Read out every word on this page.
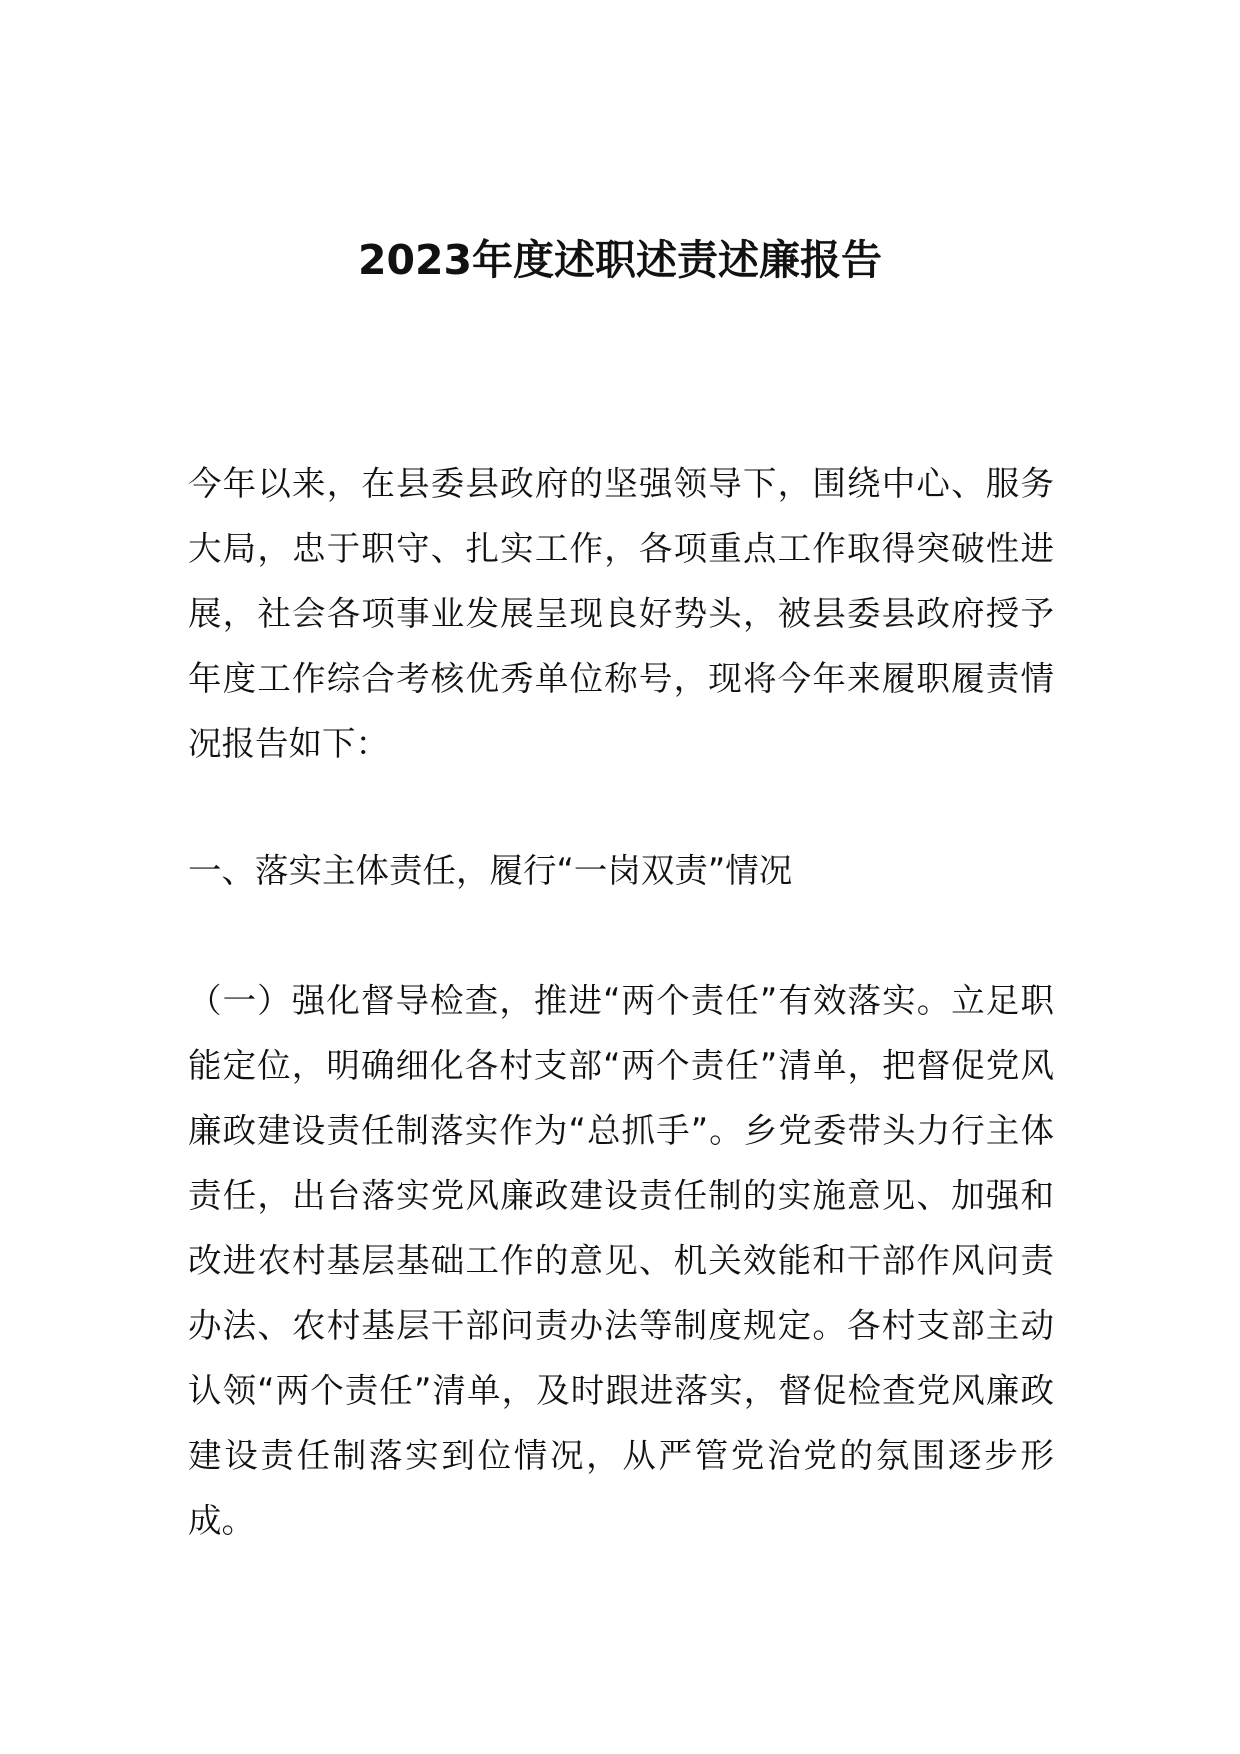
2023年度述职述责述廉报告

今年以来，在县委县政府的坚强领导下，围绕中心、服务大局，忠于职守、扎实工作，各项重点工作取得突破性进展，社会各项事业发展呈现良好势头，被县委县政府授予年度工作综合考核优秀单位称号，现将今年来履职履责情况报告如下：

一、落实主体责任，履行“一岗双责”情况

（一）强化督导检查，推进“两个责任”有效落实。立足职能定位，明确细化各村支部“两个责任”清单，把督促党风廉政建设责任制落实作为“总抓手”。乡党委带头力行主体责任，出台落实党风廉政建设责任制的实施意见、加强和改进农村基层基础工作的意见、机关效能和干部作风问责办法、农村基层干部问责办法等制度规定。各村支部主动认领“两个责任”清单，及时跟进落实，督促检查党风廉政建设责任制落实到位情况，从严管党治党的氛围逐步形成。
